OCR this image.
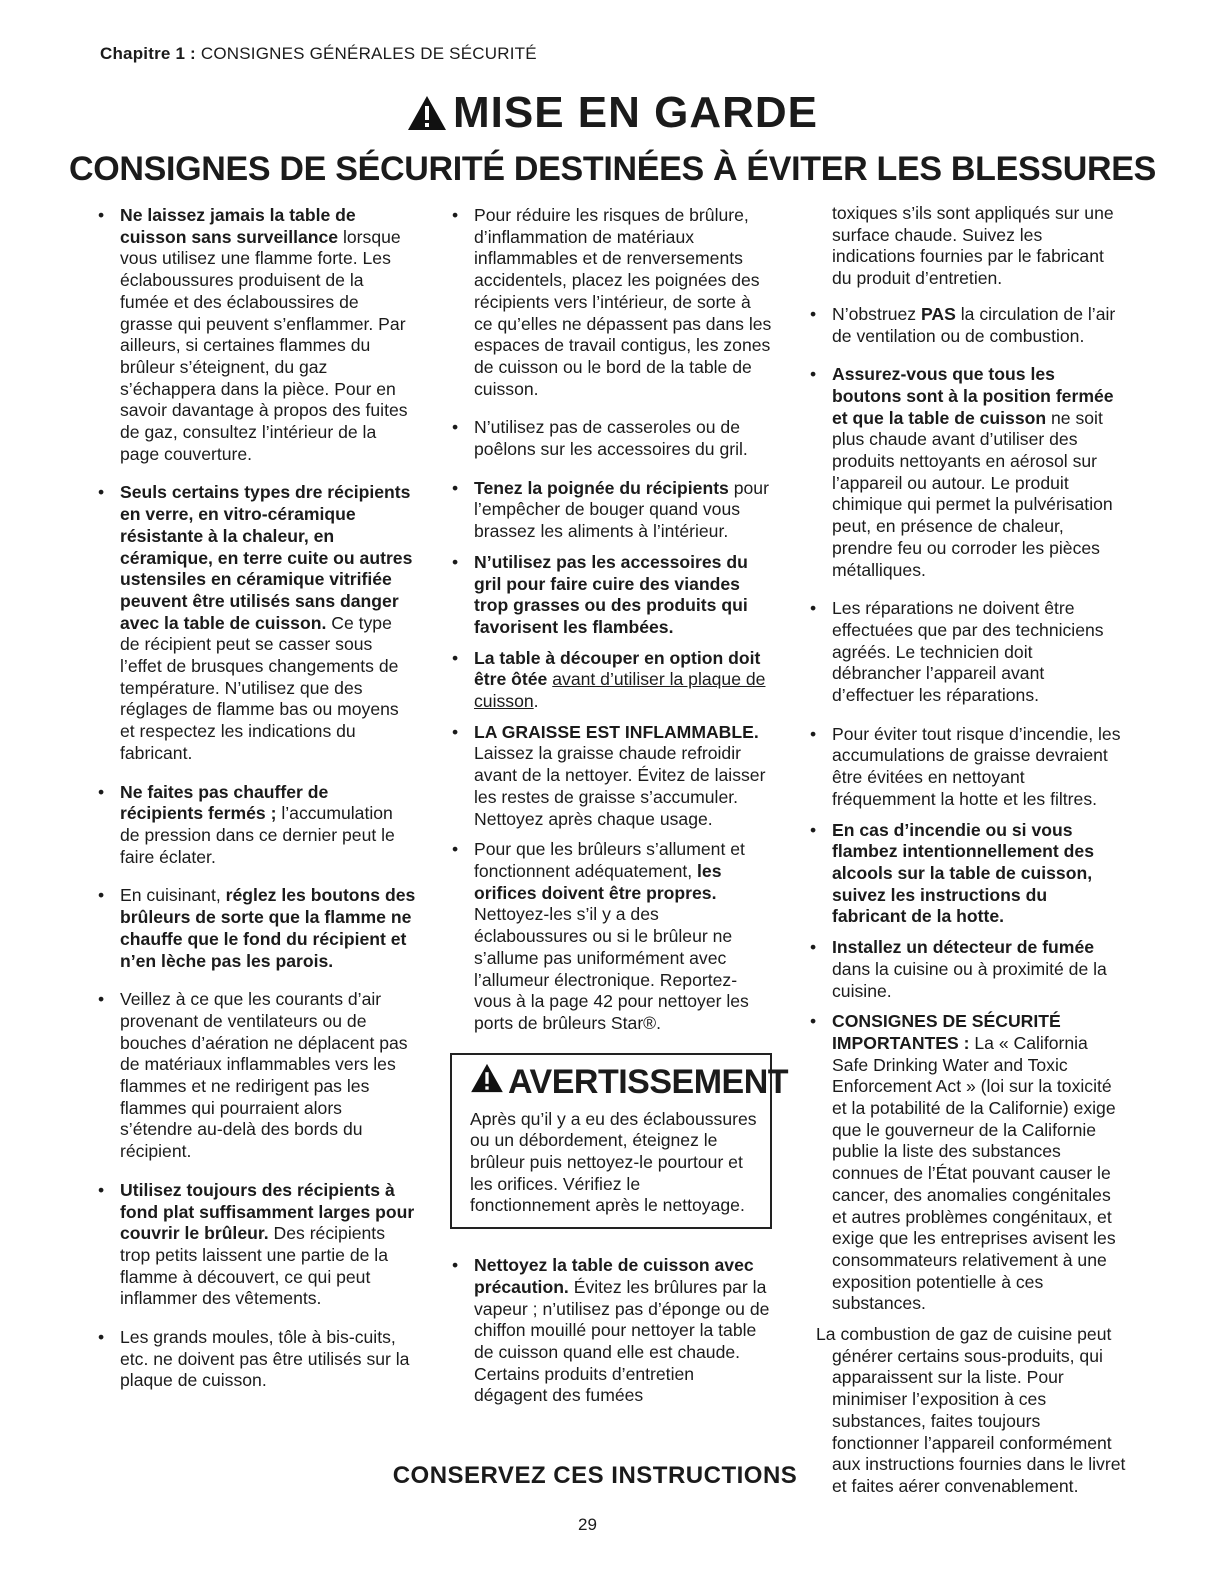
Chapitre 1 : CONSIGNES GÉNÉRALES DE SÉCURITÉ
MISE EN GARDE
CONSIGNES DE SÉCURITÉ DESTINÉES À ÉVITER LES BLESSURES
• Ne laissez jamais la table de cuisson sans surveillance lorsque vous utilisez une flamme forte. Les éclaboussures produisent de la fumée et des éclaboussires de grasse qui peuvent s’enflammer. Par ailleurs, si certaines flammes du brûleur s’éteignent, du gaz s’échappera dans la pièce. Pour en savoir davantage à propos des fuites de gaz, consultez l’intérieur de la page couverture.
• Seuls certains types dre récipients en verre, en vitro-céramique résistante à la chaleur, en céramique, en terre cuite ou autres ustensiles en céramique vitrifiée peuvent être utilisés sans danger avec la table de cuisson. Ce type de récipient peut se casser sous l’effet de brusques changements de température. N’utilisez que des réglages de flamme bas ou moyens et respectez les indications du fabricant.
• Ne faites pas chauffer de récipients fermés ; l’accumulation de pression dans ce dernier peut le faire éclater.
• En cuisinant, réglez les boutons des brûleurs de sorte que la flamme ne chauffe que le fond du récipient et n’en lèche pas les parois.
• Veillez à ce que les courants d’air provenant de ventilateurs ou de bouches d’aération ne déplacent pas de matériaux inflammables vers les flammes et ne redirigent pas les flammes qui pourraient alors s’étendre au-delà des bords du récipient.
• Utilisez toujours des récipients à fond plat suffisamment larges pour couvrir le brûleur. Des récipients trop petits laissent une partie de la flamme à découvert, ce qui peut inflammer des vêtements.
• Les grands moules, tôle à bis-cuits, etc. ne doivent pas être utilisés sur la plaque de cuisson.
• Pour réduire les risques de brûlure, d’inflammation de matériaux inflammables et de renversements accidentels, placez les poignées des récipients vers l’intérieur, de sorte à ce qu’elles ne dépassent pas dans les espaces de travail contigus, les zones de cuisson ou le bord de la table de cuisson.
• N’utilisez pas de casseroles ou de poêlons sur les accessoires du gril.
• Tenez la poignée du récipients pour l’empêcher de bouger quand vous brassez les aliments à l’intérieur.
• N’utilisez pas les accessoires du gril pour faire cuire des viandes trop grasses ou des produits qui favorisent les flambées.
• La table à découper en option doit être ôtée avant d’utiliser la plaque de cuisson.
• LA GRAISSE EST INFLAMMABLE. Laissez la graisse chaude refroidir avant de la nettoyer. Évitez de laisser les restes de graisse s’accumuler. Nettoyez après chaque usage.
• Pour que les brûleurs s’allument et fonctionnent adéquatement, les orifices doivent être propres. Nettoyez-les s’il y a des éclaboussures ou si le brûleur ne s’allume pas uniformément avec l’allumeur électronique. Reportez-vous à la page 42 pour nettoyer les ports de brûleurs Star®.
AVERTISSEMENT
Après qu’il y a eu des éclaboussures ou un débordement, éteignez le brûleur puis nettoyez-le pourtour et les orifices. Vérifiez le fonctionnement après le nettoyage.
• Nettoyez la table de cuisson avec précaution. Évitez les brûlures par la vapeur ; n’utilisez pas d’éponge ou de chiffon mouillé pour nettoyer la table de cuisson quand elle est chaude. Certains produits d’entretien dégagent des fumées
toxiques s’ils sont appliqués sur une surface chaude. Suivez les indications fournies par le fabricant du produit d’entretien.
• N’obstruez PAS la circulation de l’air de ventilation ou de combustion.
• Assurez-vous que tous les boutons sont à la position fermée et que la table de cuisson ne soit plus chaude avant d’utiliser des produits nettoyants en aérosol sur l’appareil ou autour. Le produit chimique qui permet la pulvérisation peut, en présence de chaleur, prendre feu ou corroder les pièces métalliques.
• Les réparations ne doivent être effectuées que par des techniciens agréés. Le technicien doit débrancher l’appareil avant d’effectuer les réparations.
• Pour éviter tout risque d’incendie, les accumulations de graisse devraient être évitées en nettoyant fréquemment la hotte et les filtres.
• En cas d’incendie ou si vous flambez intentionnellement des alcools sur la table de cuisson, suivez les instructions du fabricant de la hotte.
• Installez un détecteur de fumée dans la cuisine ou à proximité de la cuisine.
• CONSIGNES DE SÉCURITÉ IMPORTANTES : La « California Safe Drinking Water and Toxic Enforcement Act » (loi sur la toxicité et la potabilité de la Californie) exige que le gouverneur de la Californie publie la liste des substances connues de l’État pouvant causer le cancer, des anomalies congénitales et autres problèmes congénitaux, et exige que les entreprises avisent les consommateurs relativement à une exposition potentielle à ces substances.
La combustion de gaz de cuisine peut générer certains sous-produits, qui apparaissent sur la liste. Pour minimiser l’exposition à ces substances, faites toujours fonctionner l’appareil conformément aux instructions fournies dans le livret et faites aérer convenablement.
CONSERVEZ CES INSTRUCTIONS
29
